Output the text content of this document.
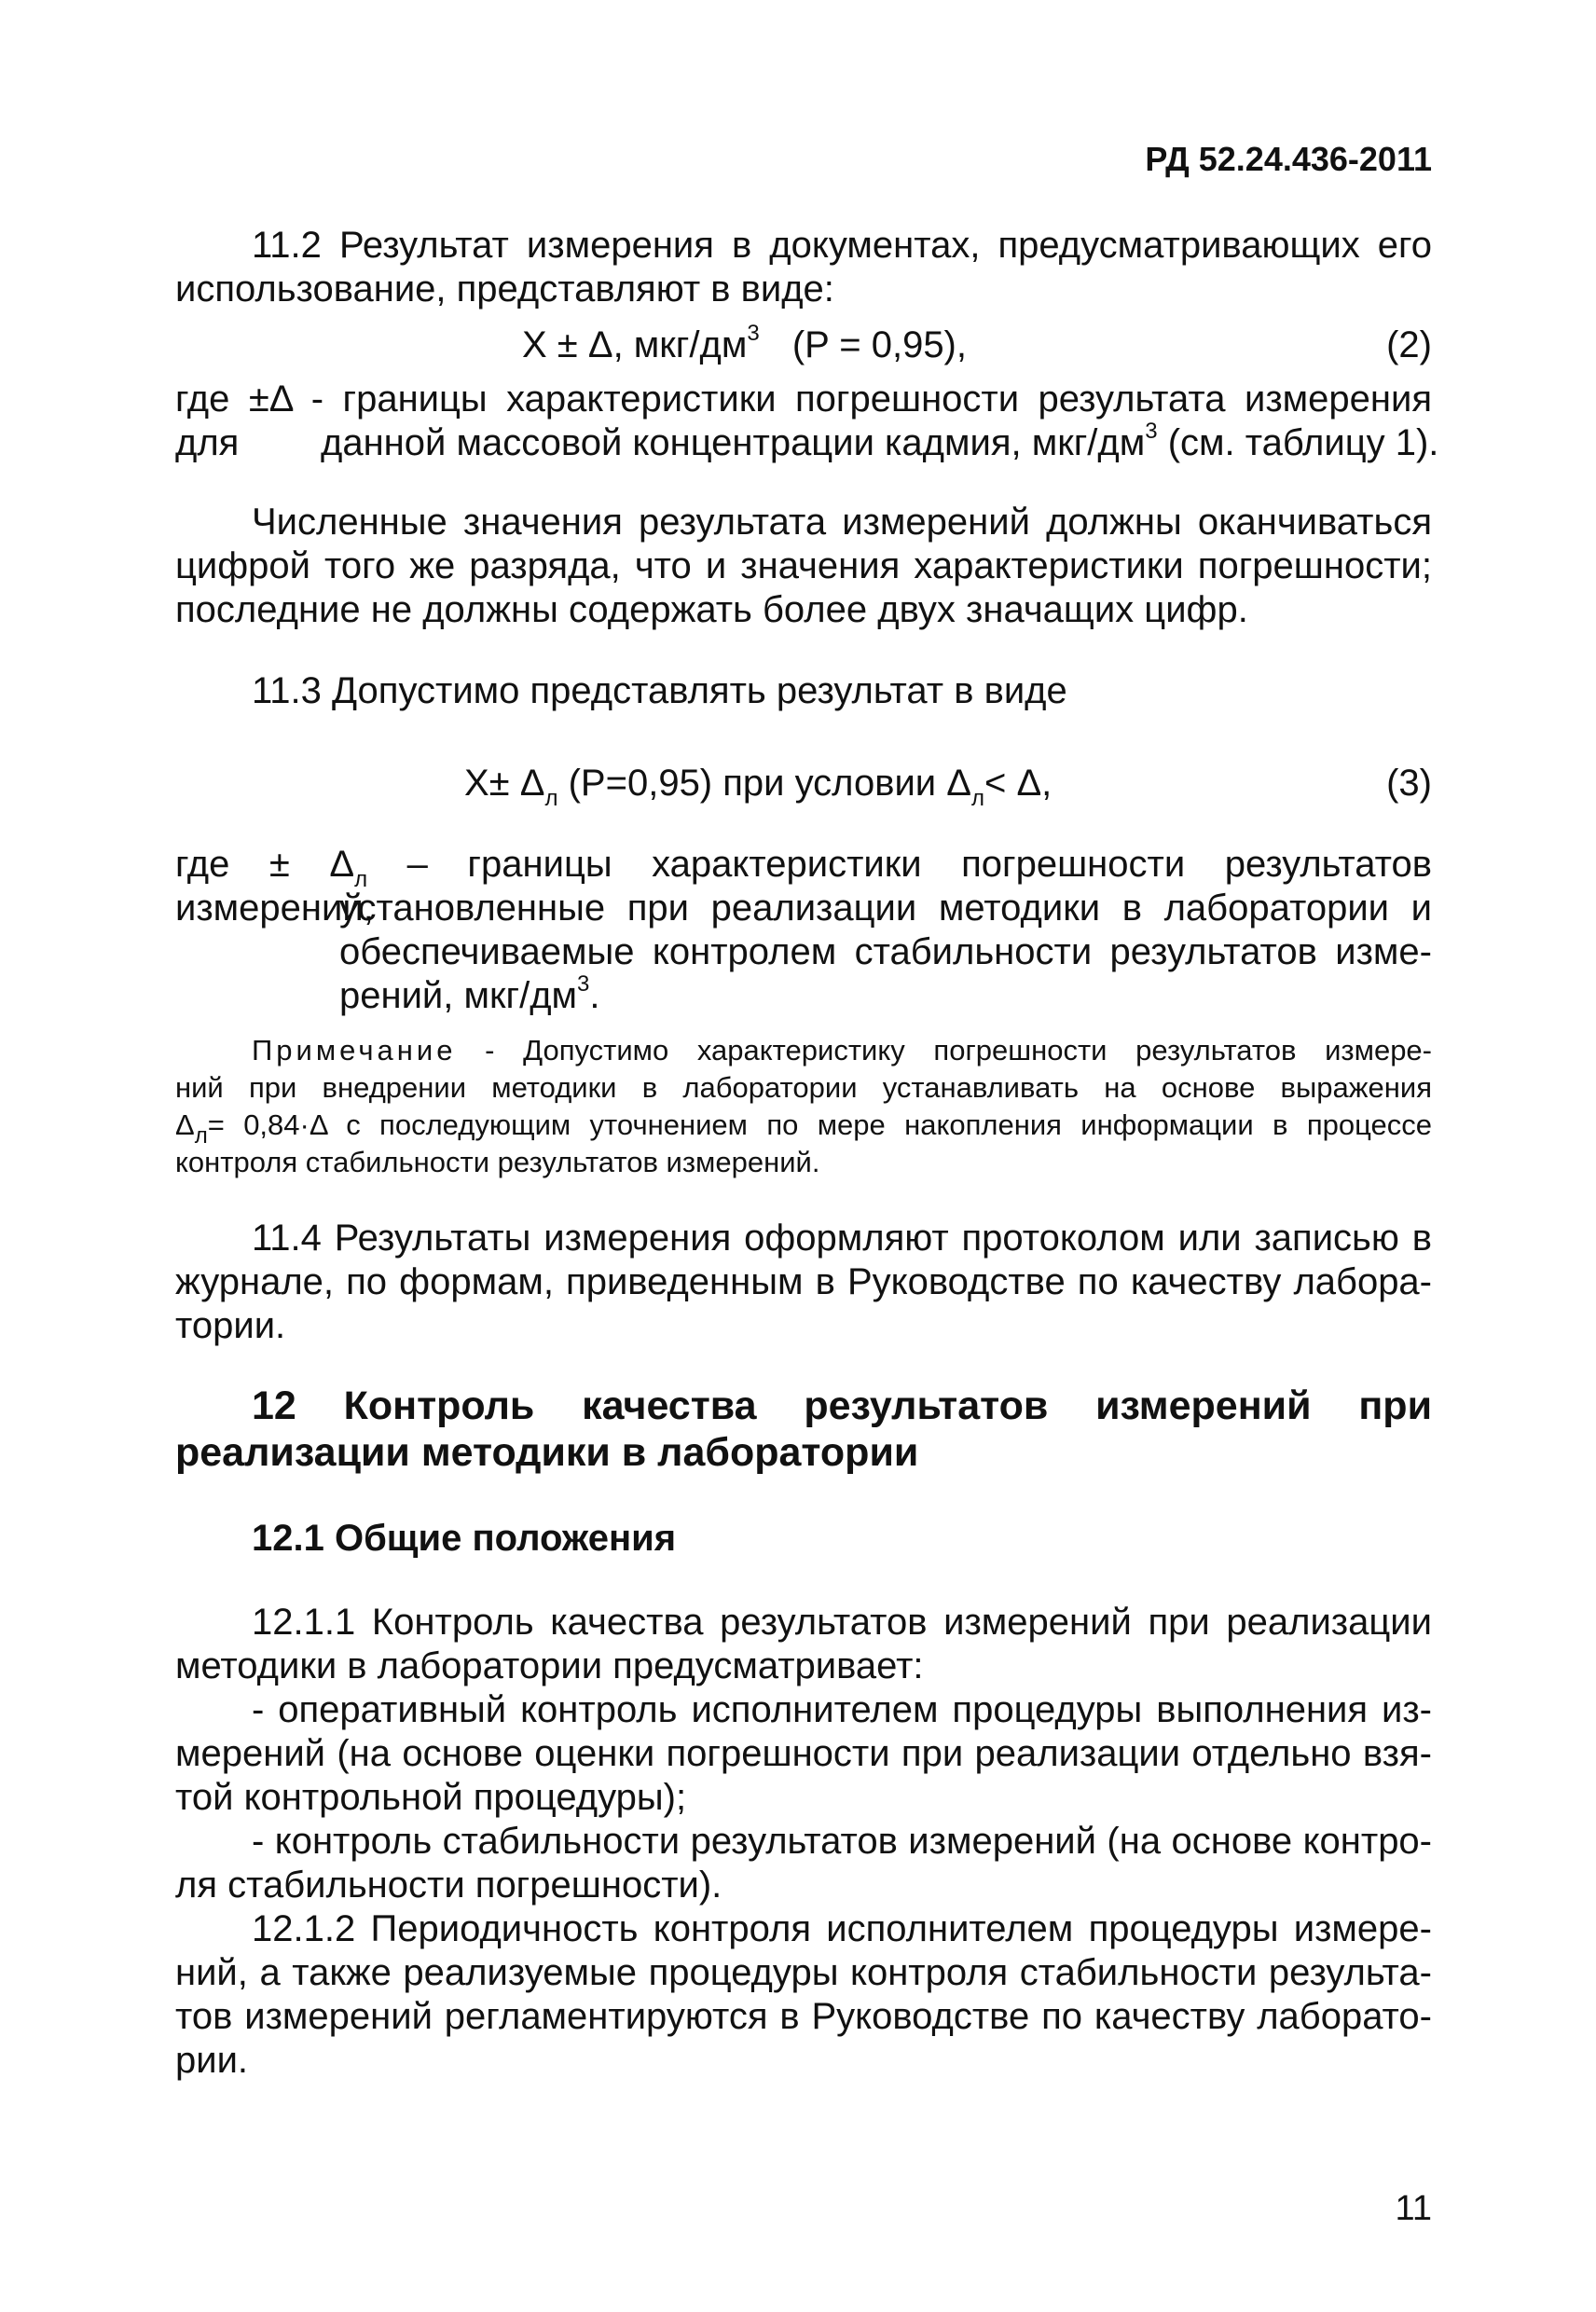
РД 52.24.436-2011
11.2 Результат измерения в документах, предусматривающих его
использование, представляют в виде:
X ± Δ, мкг/$дм^3$ (P = 0,95),	(2)
где ±Δ - границы характеристики погрешности результата измерения для	данной массовой концентрации кадмия, мкг/$дм^3$ (см. таблицу 1).
Численные значения результата измерений должны оканчиваться
цифрой того же разряда, что и значения характеристики погрешности;
последние не должны содержать более двух значащих цифр.
11.3 Допустимо представлять результат в виде
$X\pm \Delta_л$ (P=0,95) при условии $\Delta_л< \Delta$,	(3)
где ± $\Delta_л$ – границы характеристики погрешности результатов измерений,
установленные при реализации методики в лаборатории и
обеспечиваемые контролем стабильности результатов изме-
рений, мкг/$дм^3$.
Примечание - Допустимо характеристику погрешности результатов измере-
ний при внедрении методики в лаборатории устанавливать на основе выражения
$\Delta_л= 0,84\cdot\Delta$ с последующим уточнением по мере накопления информации в процессе
контроля стабильности результатов измерений.
11.4 Результаты измерения оформляют протоколом или записью в
журнале, по формам, приведенным в Руководстве по качеству лабора-
тории.
12 Контроль качества результатов измерений при
реализации методики в лаборатории
12.1 Общие положения
12.1.1 Контроль качества результатов измерений при реализации
методики в лаборатории предусматривает:
- оперативный контроль исполнителем процедуры выполнения из-
мерений (на основе оценки погрешности при реализации отдельно взя-
той контрольной процедуры);
- контроль стабильности результатов измерений (на основе контро-
ля стабильности погрешности).
12.1.2 Периодичность контроля исполнителем процедуры измере-
ний, а также реализуемые процедуры контроля стабильности результа-
тов измерений регламентируются в Руководстве по качеству лаборато-
рии.
11
